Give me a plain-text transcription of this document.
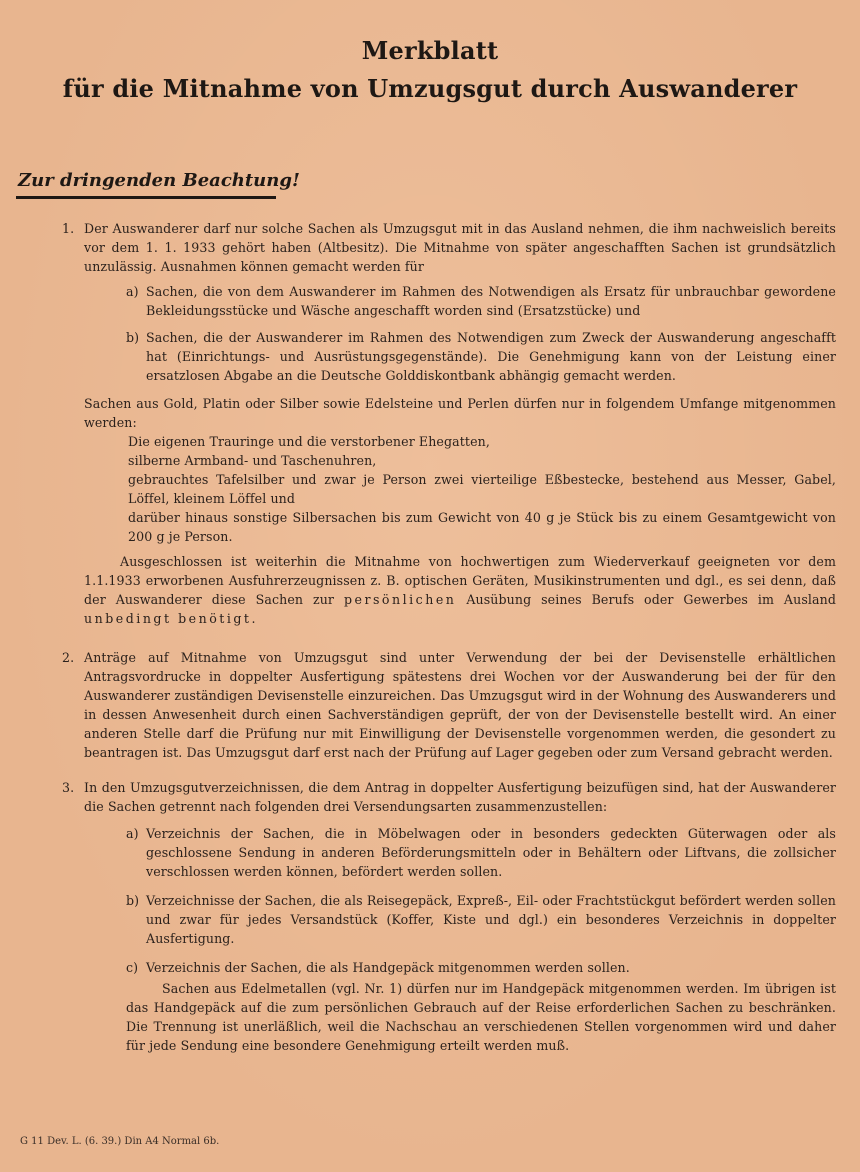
Merkblatt
für die Mitnahme von Umzugsgut durch Auswanderer
Zur dringenden Beachtung!
1. Der Auswanderer darf nur solche Sachen als Umzugsgut mit in das Ausland nehmen, die ihm nachweislich bereits vor dem 1. 1. 1933 gehört haben (Altbesitz). Die Mitnahme von später angeschafften Sachen ist grundsätzlich unzulässig. Ausnahmen können gemacht werden für

a) Sachen, die von dem Auswanderer im Rahmen des Notwendigen als Ersatz für unbrauchbar gewordene Bekleidungsstücke und Wäsche angeschafft worden sind (Ersatzstücke) und

b) Sachen, die der Auswanderer im Rahmen des Notwendigen zum Zweck der Auswanderung angeschafft hat (Einrichtungs- und Ausrüstungsgegenstände). Die Genehmigung kann von der Leistung einer ersatzlosen Abgabe an die Deutsche Golddiskontbank abhängig gemacht werden.

Sachen aus Gold, Platin oder Silber sowie Edelsteine und Perlen dürfen nur in folgendem Umfange mitgenommen werden:

Die eigenen Trauringe und die verstorbener Ehegatten,
silberne Armband- und Taschenuhren,
gebrauchtes Tafelsilber und zwar je Person zwei vierteilige Eßbestecke, bestehend aus Messer, Gabel, Löffel, kleinem Löffel und
darüber hinaus sonstige Silbersachen bis zum Gewicht von 40 g je Stück bis zu einem Gesamtgewicht von 200 g je Person.

Ausgeschlossen ist weiterhin die Mitnahme von hochwertigen zum Wiederverkauf geeigneten vor dem 1.1.1933 erworbenen Ausfuhrerzeugnissen z. B. optischen Geräten, Musikinstrumenten und dgl., es sei denn, daß der Auswanderer diese Sachen zur persönlichen Ausübung seines Berufs oder Gewerbes im Ausland unbedingt benötigt.

2. Anträge auf Mitnahme von Umzugsgut sind unter Verwendung der bei der Devisenstelle erhältlichen Antragsvordrucke in doppelter Ausfertigung spätestens drei Wochen vor der Auswanderung bei der für den Auswanderer zuständigen Devisenstelle einzureichen. Das Umzugsgut wird in der Wohnung des Auswanderers und in dessen Anwesenheit durch einen Sachverständigen geprüft, der von der Devisenstelle bestellt wird. An einer anderen Stelle darf die Prüfung nur mit Einwilligung der Devisenstelle vorgenommen werden, die gesondert zu beantragen ist. Das Umzugsgut darf erst nach der Prüfung auf Lager gegeben oder zum Versand gebracht werden.

3. In den Umzugsgutverzeichnissen, die dem Antrag in doppelter Ausfertigung beizufügen sind, hat der Auswanderer die Sachen getrennt nach folgenden drei Versendungsarten zusammenzustellen:

a) Verzeichnis der Sachen, die in Möbelwagen oder in besonders gedeckten Güterwagen oder als geschlossene Sendung in anderen Beförderungsmitteln oder in Behältern oder Liftvans, die zollsicher verschlossen werden können, befördert werden sollen.

b) Verzeichnisse der Sachen, die als Reisegepäck, Expreß-, Eil- oder Frachtstückgut befördert werden sollen und zwar für jedes Versandstück (Koffer, Kiste und dgl.) ein besonderes Verzeichnis in doppelter Ausfertigung.

c) Verzeichnis der Sachen, die als Handgepäck mitgenommen werden sollen.

Sachen aus Edelmetallen (vgl. Nr. 1) dürfen nur im Handgepäck mitgenommen werden. Im übrigen ist das Handgepäck auf die zum persönlichen Gebrauch auf der Reise erforderlichen Sachen zu beschränken. Die Trennung ist unerläßlich, weil die Nachschau an verschiedenen Stellen vorgenommen wird und daher für jede Sendung eine besondere Genehmigung erteilt werden muß.

G 11 Dev. L. (6. 39.) Din A4 Normal 6b.
